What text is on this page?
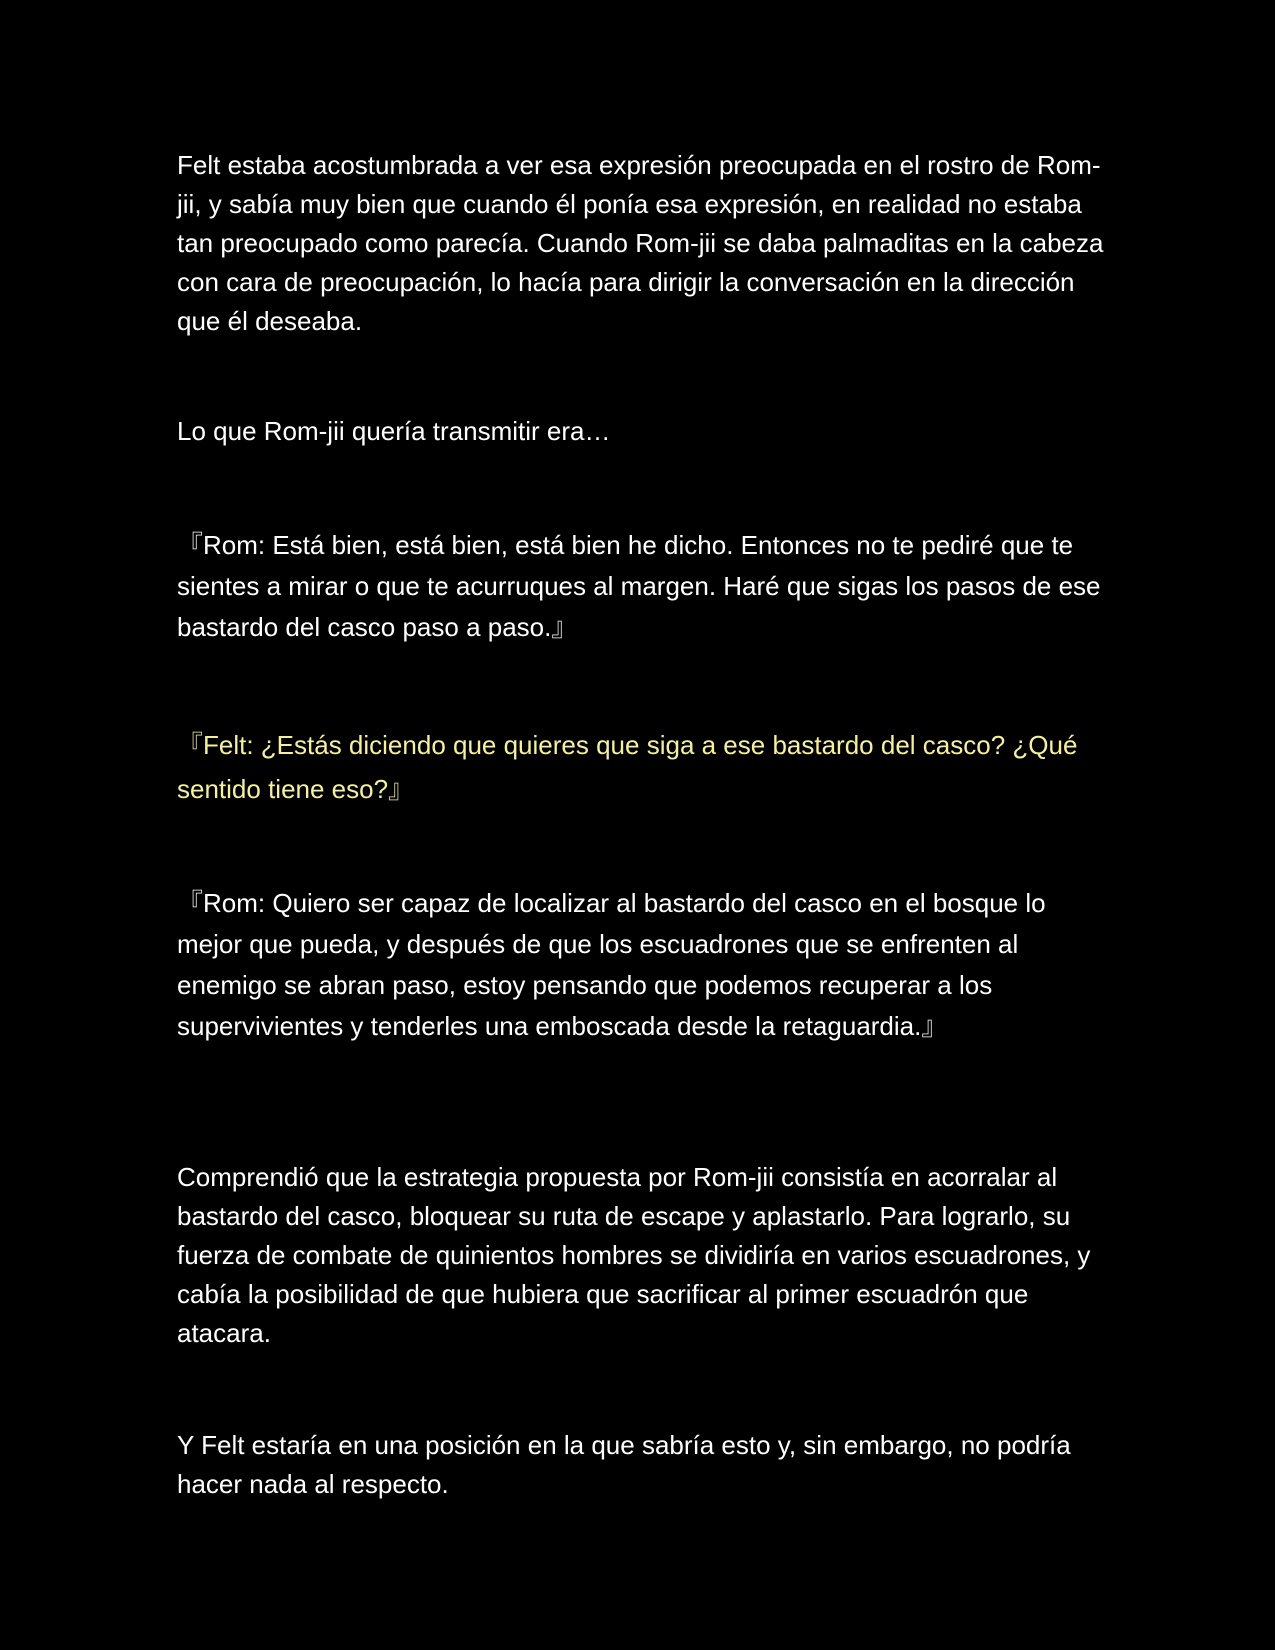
Felt estaba acostumbrada a ver esa expresión preocupada en el rostro de Rom-jii, y sabía muy bien que cuando él ponía esa expresión, en realidad no estaba tan preocupado como parecía. Cuando Rom-jii se daba palmaditas en la cabeza con cara de preocupación, lo hacía para dirigir la conversación en la dirección que él deseaba.

Lo que Rom-jii quería transmitir era…

『Rom: Está bien, está bien, está bien he dicho. Entonces no te pediré que te sientes a mirar o que te acurruques al margen. Haré que sigas los pasos de ese bastardo del casco paso a paso.』

『Felt: ¿Estás diciendo que quieres que siga a ese bastardo del casco? ¿Qué sentido tiene eso?』

『Rom: Quiero ser capaz de localizar al bastardo del casco en el bosque lo mejor que pueda, y después de que los escuadrones que se enfrenten al enemigo se abran paso, estoy pensando que podemos recuperar a los supervivientes y tenderles una emboscada desde la retaguardia.』

Comprendió que la estrategia propuesta por Rom-jii consistía en acorralar al bastardo del casco, bloquear su ruta de escape y aplastarlo. Para lograrlo, su fuerza de combate de quinientos hombres se dividiría en varios escuadrones, y cabía la posibilidad de que hubiera que sacrificar al primer escuadrón que atacara.

Y Felt estaría en una posición en la que sabría esto y, sin embargo, no podría hacer nada al respecto.
